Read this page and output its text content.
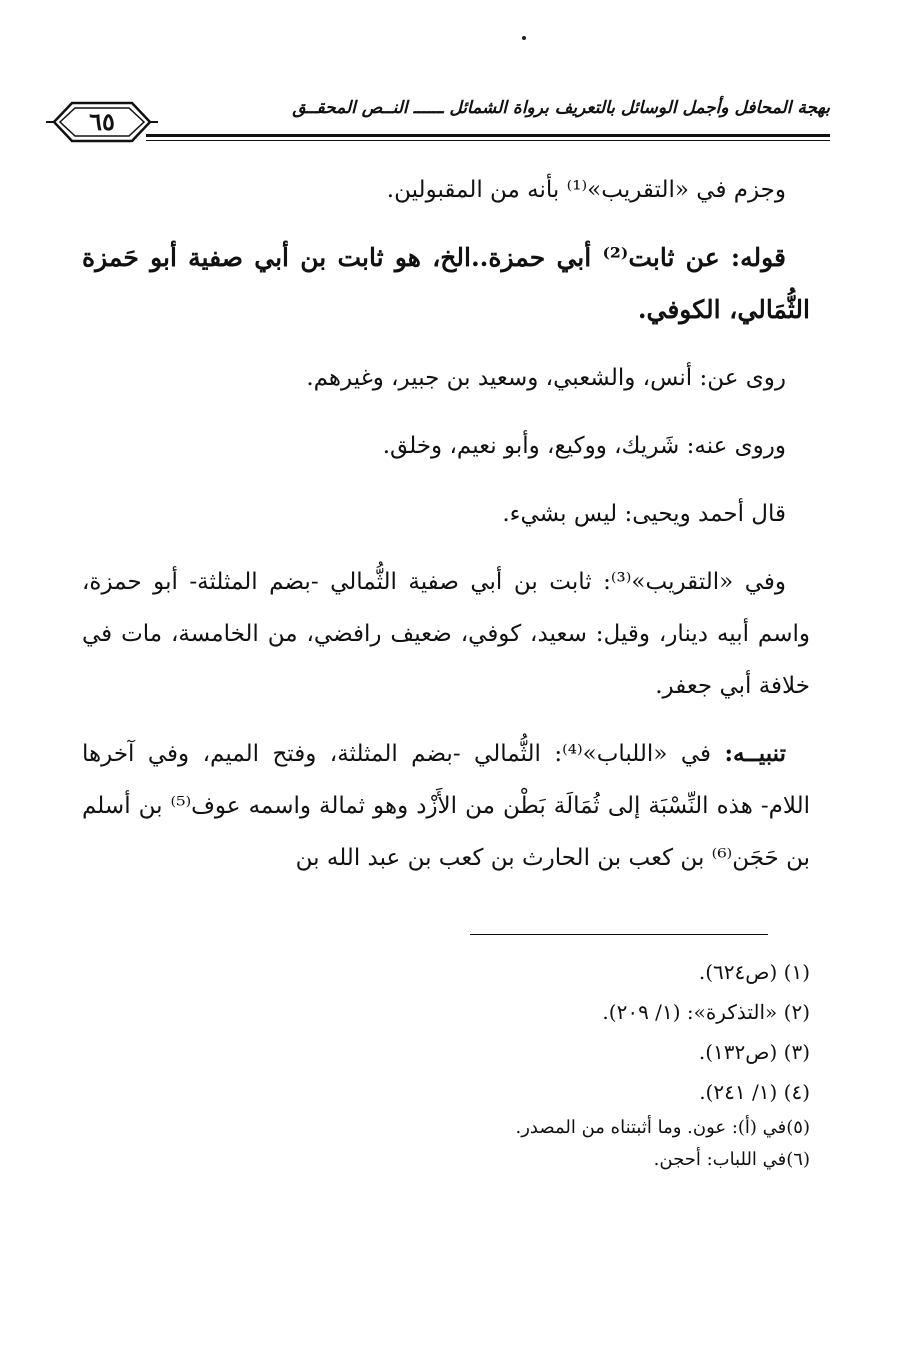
٦٥	بهجة المحافل وأجمل الوسائل بالتعريف برواة الشمائل ــــــ النــص المحقــق

وجزم في «التقريب»⁽¹⁾ بأنه من المقبولين.

قوله: عن ثابت⁽²⁾ أبي حمزة..الخ، هو ثابت بن أبي صفية أبو حَمزة الثُّمَالي، الكوفي.

روى عن: أنس، والشعبي، وسعيد بن جبير، وغيرهم.

وروى عنه: شَريك، ووكيع، وأبو نعيم، وخلق.

قال أحمد ويحيى: ليس بشيء.

وفي «التقريب»⁽³⁾: ثابت بن أبي صفية الثُّمالي -بضم المثلثة- أبو حمزة، واسم أبيه دينار، وقيل: سعيد، كوفي، ضعيف رافضي، من الخامسة، مات في خلافة أبي جعفر.

تنبيــه: في «اللباب»⁽⁴⁾: الثُّمالي -بضم المثلثة، وفتح الميم، وفي آخرها اللام- هذه النِّسْبَة إلى ثُمَالَة بَطْن من الأَزْد وهو ثمالة واسمه عوف⁽⁵⁾ بن أسلم بن حَجَن⁽⁶⁾ بن كعب بن الحارث بن كعب بن عبد الله بن

(١) (ص٦٢٤).
(٢) «التذكرة»: (١/ ٢٠٩).
(٣) (ص١٣٢).
(٤) (١/ ٢٤١).
(٥)في (أ): عون. وما أثبتناه من المصدر.
(٦)في اللباب: أحجن.
